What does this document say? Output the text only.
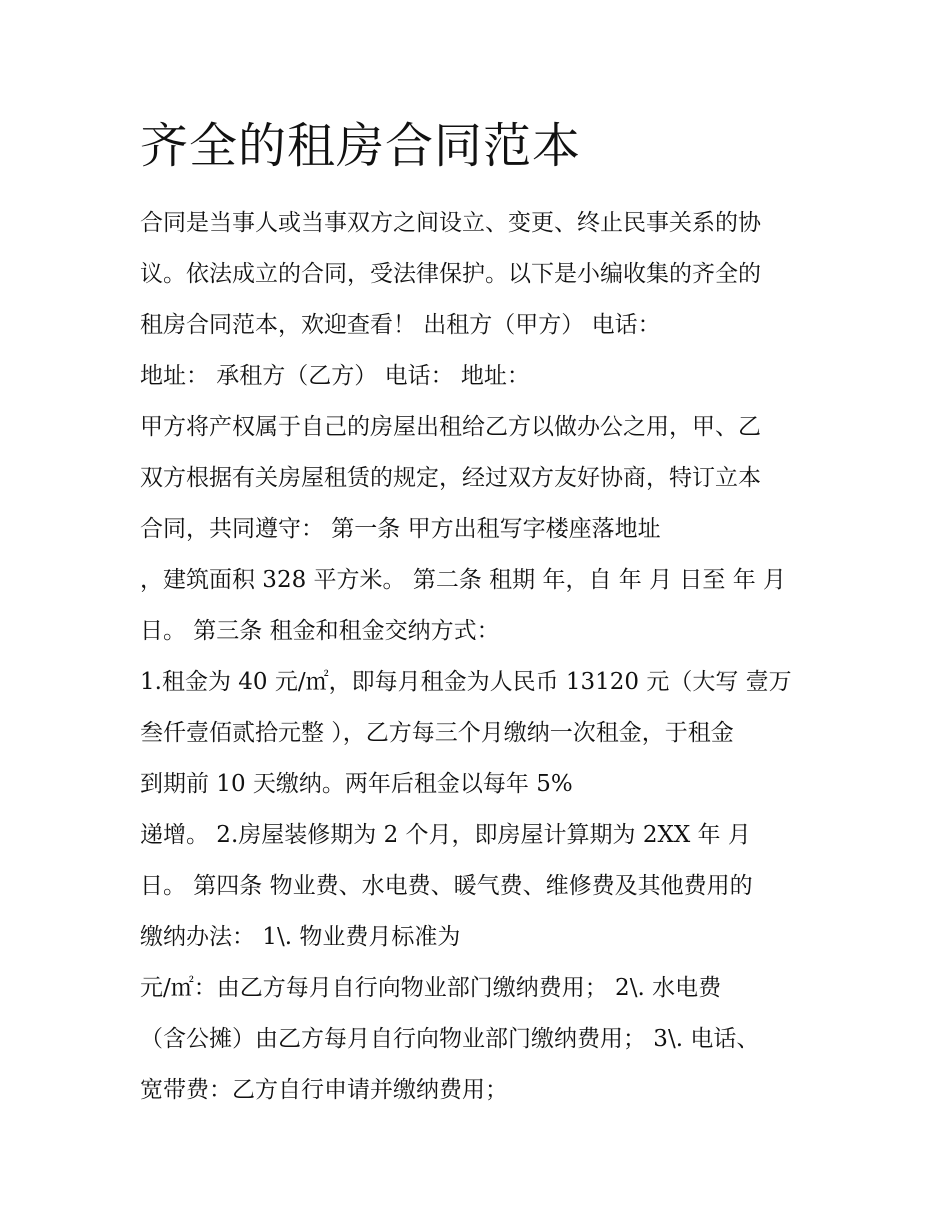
齐全的租房合同范本
合同是当事人或当事双方之间设立、变更、终止民事关系的协
议。依法成立的合同，受法律保护。以下是小编收集的齐全的
租房合同范本，欢迎查看！ 出租方（甲方） 电话：
地址： 承租方（乙方） 电话： 地址：
甲方将产权属于自己的房屋出租给乙方以做办公之用，甲、乙
双方根据有关房屋租赁的规定，经过双方友好协商，特订立本
合同，共同遵守： 第一条 甲方出租写字楼座落地址
，建筑面积 328 平方米。 第二条 租期 年，自 年 月 日至 年 月
日。 第三条 租金和租金交纳方式：
1.租金为 40 元/㎡，即每月租金为人民币 13120 元（大写 壹万
叁仟壹佰贰拾元整 ），乙方每三个月缴纳一次租金，于租金
到期前 10 天缴纳。两年后租金以每年 5%
递增。 2.房屋装修期为 2 个月，即房屋计算期为 2XX 年 月
日。 第四条 物业费、水电费、暖气费、维修费及其他费用的
缴纳办法： 1\. 物业费月标准为
元/㎡：由乙方每月自行向物业部门缴纳费用； 2\. 水电费
（含公摊）由乙方每月自行向物业部门缴纳费用； 3\. 电话、
宽带费：乙方自行申请并缴纳费用；
